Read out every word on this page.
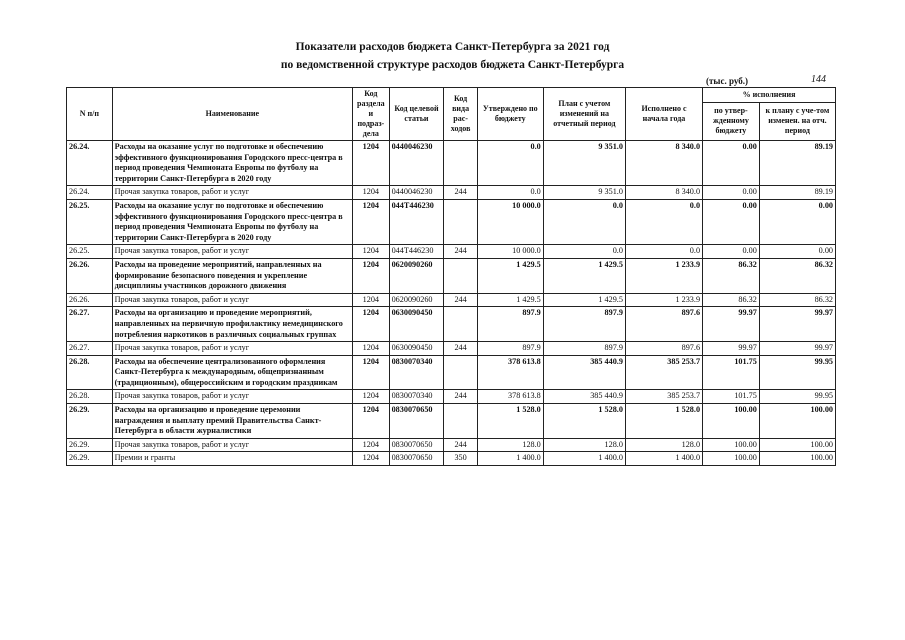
Показатели расходов бюджета Санкт-Петербурга за 2021 год
по ведомственной структуре расходов бюджета Санкт-Петербурга
(тыс. руб.)	144
N п/п	Наименование	Код раздела и подраз-дела	Код целевой статьи	Код вида рас-ходов	Утверждено по бюджету	План с учетом изменений на отчетный период	Исполнено с начала года	% исполнения	
								по утвер-жденному бюджету	к плану с уче-том изменен. на отч. период
26.24.	Расходы на оказание услуг по подготовке и обеспечению эффективного функционирования Городского пресс-центра в период проведения Чемпионата Европы по футболу на территории Санкт-Петербурга в 2020 году	1204	0440046230		0.0	9 351.0	8 340.0	0.00	89.19
26.24.	Прочая закупка товаров, работ и услуг	1204	0440046230	244	0.0	9 351.0	8 340.0	0.00	89.19
26.25.	Расходы на оказание услуг по подготовке и обеспечению эффективного функционирования Городского пресс-центра в период проведения Чемпионата Европы по футболу на территории Санкт-Петербурга в 2020 году	1204	044Т446230		10 000.0	0.0	0.0	0.00	0.00
26.25.	Прочая закупка товаров, работ и услуг	1204	044Т446230	244	10 000.0	0.0	0.0	0.00	0.00
26.26.	Расходы на проведение мероприятий, направленных на формирование безопасного поведения и укрепление дисциплины участников дорожного движения	1204	0620090260		1 429.5	1 429.5	1 233.9	86.32	86.32
26.26.	Прочая закупка товаров, работ и услуг	1204	0620090260	244	1 429.5	1 429.5	1 233.9	86.32	86.32
26.27.	Расходы на организацию и проведение мероприятий, направленных на первичную профилактику немедицинского потребления наркотиков в различных социальных группах	1204	0630090450		897.9	897.9	897.6	99.97	99.97
26.27.	Прочая закупка товаров, работ и услуг	1204	0630090450	244	897.9	897.9	897.6	99.97	99.97
26.28.	Расходы на обеспечение централизованного оформления Санкт-Петербурга к международным, общепризнанным (традиционным), общероссийским и городским праздникам	1204	0830070340		378 613.8	385 440.9	385 253.7	101.75	99.95
26.28.	Прочая закупка товаров, работ и услуг	1204	0830070340	244	378 613.8	385 440.9	385 253.7	101.75	99.95
26.29.	Расходы на организацию и проведение церемонии награждения и выплату премий Правительства Санкт-Петербурга в области журналистики	1204	0830070650		1 528.0	1 528.0	1 528.0	100.00	100.00
26.29.	Прочая закупка товаров, работ и услуг	1204	0830070650	244	128.0	128.0	128.0	100.00	100.00
26.29.	Премии и гранты	1204	0830070650	350	1 400.0	1 400.0	1 400.0	100.00	100.00
